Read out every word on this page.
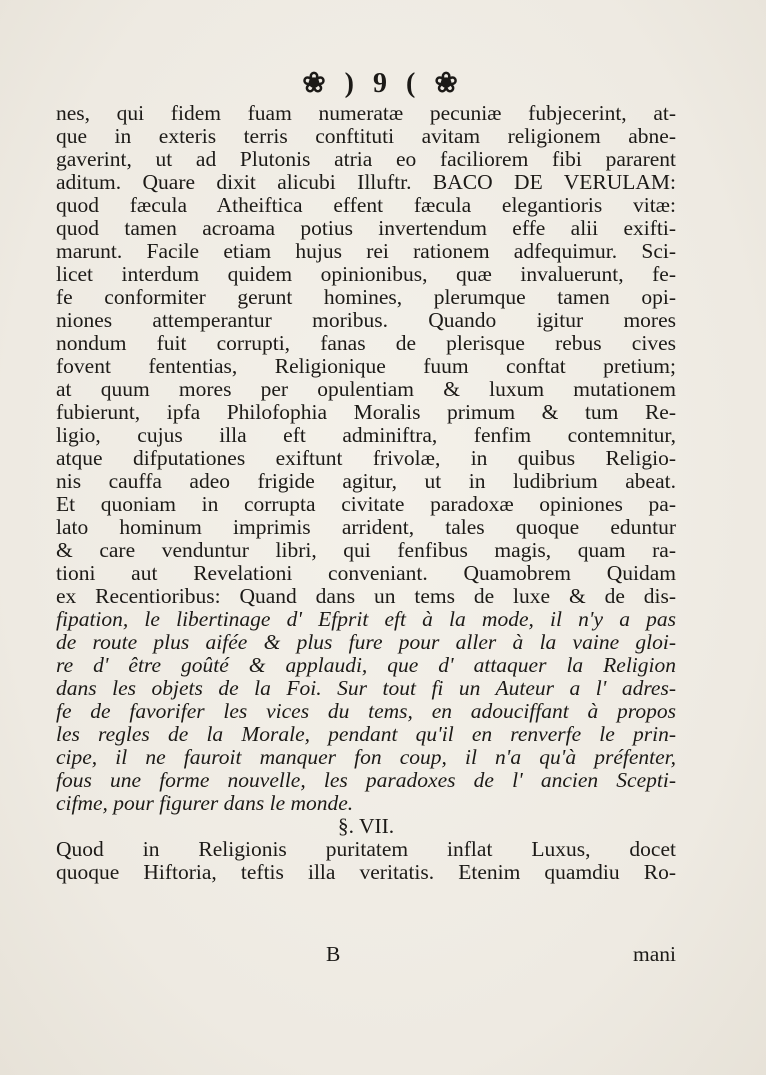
❀ ) 9 ( ❀
nes, qui fidem fuam numeratæ pecuniæ fubjecerint, at-
que in exteris terris conftituti avitam religionem abne-
gaverint, ut ad Plutonis atria eo faciliorem fibi pararent
aditum. Quare dixit alicubi Illuftr. BACO DE VERULAM:
quod fæcula Atheiftica effent fæcula elegantioris vitæ:
quod tamen acroama potius invertendum effe alii exifti-
marunt. Facile etiam hujus rei rationem adfequimur. Sci-
licet interdum quidem opinionibus, quæ invaluerunt, fe-
fe conformiter gerunt homines, plerumque tamen opi-
niones attemperantur moribus. Quando igitur mores
nondum fuit corrupti, fanas de plerisque rebus cives
fovent fententias, Religionique fuum conftat pretium;
at quum mores per opulentiam & luxum mutationem
fubierunt, ipfa Philofophia Moralis primum & tum Re-
ligio, cujus illa eft adminiftra, fenfim contemnitur,
atque difputationes exiftunt frivolæ, in quibus Religio-
nis cauffa adeo frigide agitur, ut in ludibrium abeat.
Et quoniam in corrupta civitate paradoxæ opiniones pa-
lato hominum imprimis arrident, tales quoque eduntur
& care venduntur libri, qui fenfibus magis, quam ra-
tioni aut Revelationi conveniant. Quamobrem Quidam
ex Recentioribus: Quand dans un tems de luxe & de dis-
fipation, le libertinage d' Efprit eft à la mode, il n'y a pas
de route plus aifée & plus fure pour aller à la vaine gloi-
re d' être goûté & applaudi, que d' attaquer la Religion
dans les objets de la Foi. Sur tout fi un Auteur a l' adres-
fe de favorifer les vices du tems, en adouciffant à propos
les regles de la Morale, pendant qu'il en renverfe le prin-
cipe, il ne fauroit manquer fon coup, il n'a qu'à préfenter,
fous une forme nouvelle, les paradoxes de l' ancien Scepti-
cifme, pour figurer dans le monde.
§. VII.
Quod in Religionis puritatem inflat Luxus, docet
quoque Hiftoria, teftis illa veritatis. Etenim quamdiu Ro-
B	mani
